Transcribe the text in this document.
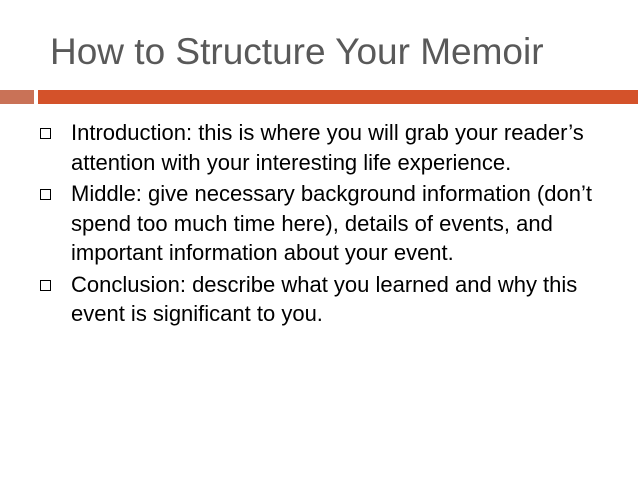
How to Structure Your Memoir
Introduction: this is where you will grab your reader’s attention with your interesting life experience.
Middle: give necessary background information (don’t spend too much time here), details of events, and important information about your event.
Conclusion: describe what you learned and why this event is significant to you.
